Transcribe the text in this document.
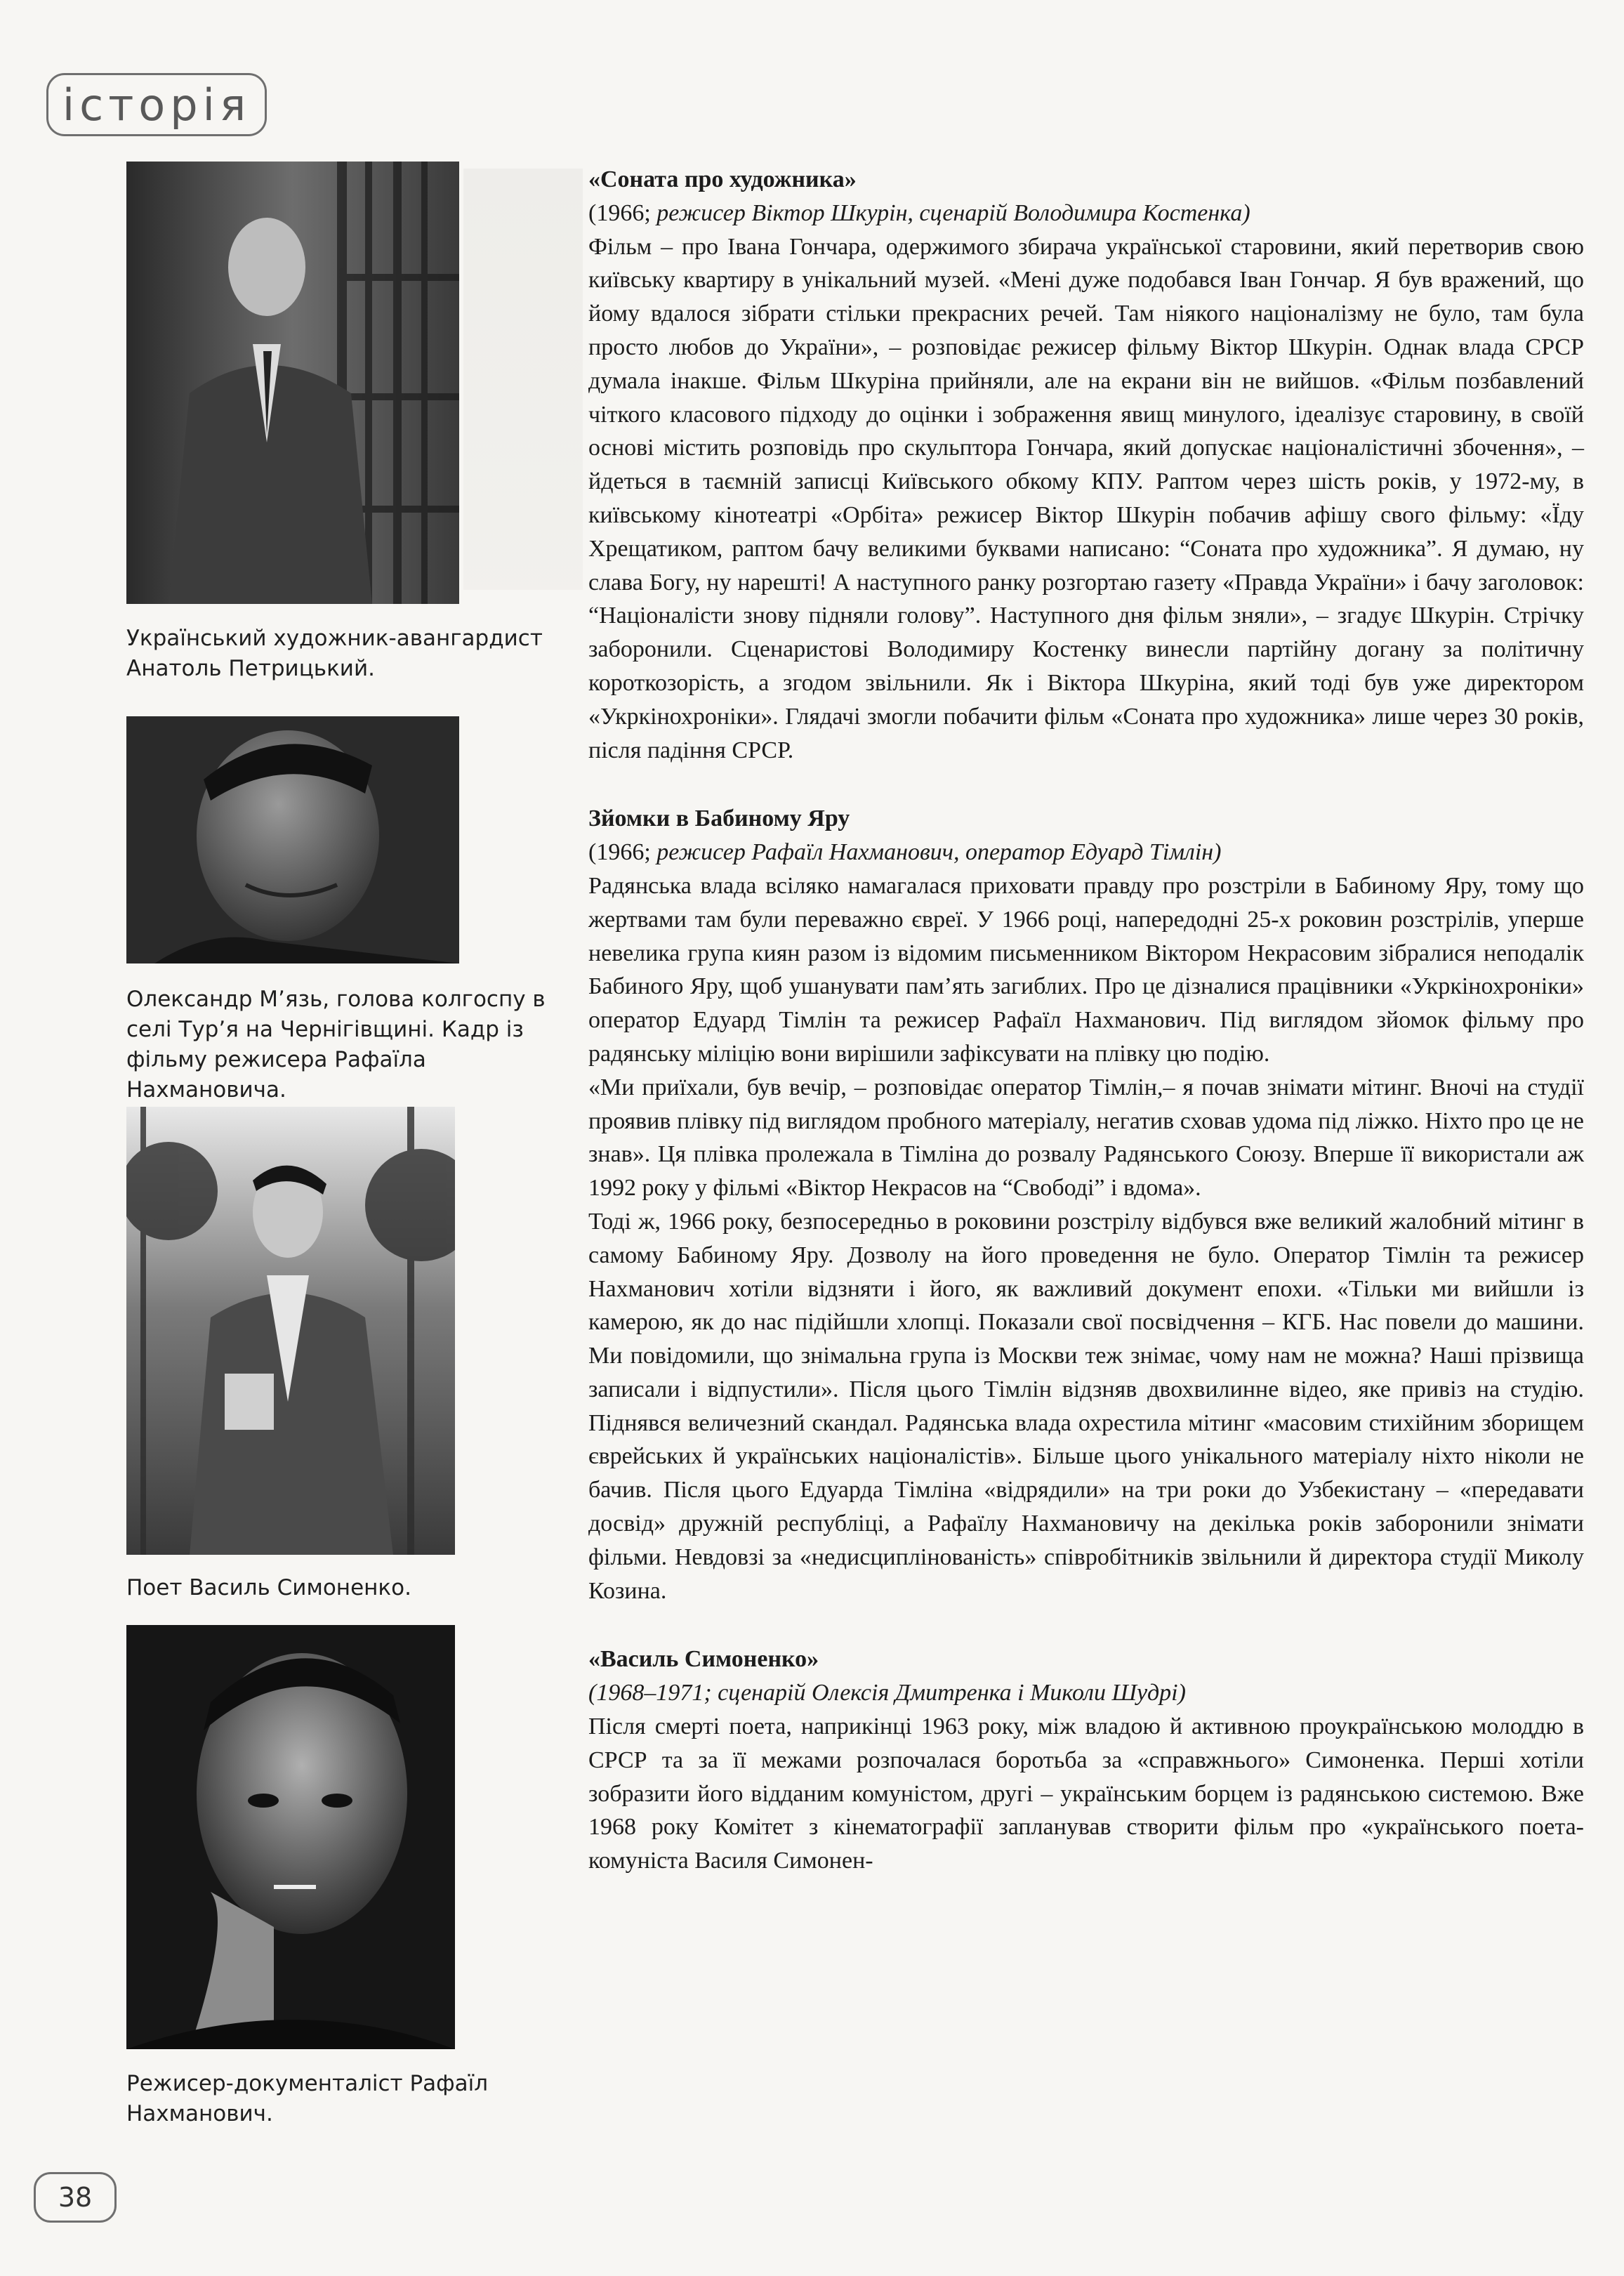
історія
Український художник-авангардист Анатоль Петрицький.
Олександр М’язь, голова колгоспу в селі Тур’я на Чернігівщині. Кадр із фільму режисера Рафаїла Нахмановича.
Поет Василь Симоненко.
Режисер-документаліст Рафаїл Нахманович.
«Соната про художника»
(1966; режисер Віктор Шкурін, сценарій Володимира Костенка)

Фільм – про Івана Гончара, одержимого збирача української старовини, який перетворив свою київську квартиру в унікальний музей. «Мені дуже подобався Іван Гончар. Я був вражений, що йому вдалося зібрати стільки прекрасних речей. Там ніякого націоналізму не було, там була просто любов до України», – розповідає режисер фільму Віктор Шкурін. Однак влада СРСР думала інакше. Фільм Шкуріна прийняли, але на екрани він не вийшов. «Фільм позбавлений чіткого класового підходу до оцінки і зображення явищ минулого, ідеалізує старовину, в своїй основі містить розповідь про скульптора Гончара, який допускає націоналістичні збочення», – йдеться в таємній записці Київського обкому КПУ. Раптом через шість років, у 1972-му, в київському кінотеатрі «Орбіта» режисер Віктор Шкурін побачив афішу свого фільму: «Їду Хрещатиком, раптом бачу великими буквами написано: “Соната про художника”. Я думаю, ну слава Богу, ну нарешті! А наступного ранку розгортаю газету «Правда України» і бачу заголовок: “Націоналісти знову підняли голову”. Наступного дня фільм зняли», – згадує Шкурін. Стрічку заборонили. Сценаристові Володимиру Костенку винесли партійну догану за політичну короткозорість, а згодом звільнили. Як і Віктора Шкуріна, який тоді був уже директором «Укркінохроніки». Глядачі змогли побачити фільм «Соната про художника» лише через 30 років, після падіння СРСР.

Зйомки в Бабиному Яру
(1966; режисер Рафаїл Нахманович, оператор Едуард Тімлін)

Радянська влада всіляко намагалася приховати правду про розстріли в Бабиному Яру, тому що жертвами там були переважно євреї. У 1966 році, напередодні 25-х роковин розстрілів, уперше невелика група киян разом із відомим письменником Віктором Некрасовим зібралися неподалік Бабиного Яру, щоб ушанувати пам’ять загиблих. Про це дізналися працівники «Укркінохроніки» оператор Едуард Тімлін та режисер Рафаїл Нахманович. Під виглядом зйомок фільму про радянську міліцію вони вирішили зафіксувати на плівку цю подію.

«Ми приїхали, був вечір, – розповідає оператор Тімлін,– я почав знімати мітинг. Вночі на студії проявив плівку під виглядом пробного матеріалу, негатив сховав удома під ліжко. Ніхто про це не знав». Ця плівка пролежала в Тімліна до розвалу Радянського Союзу. Вперше її використали аж 1992 року у фільмі «Віктор Некрасов на “Свободі” і вдома».

Тоді ж, 1966 року, безпосередньо в роковини розстрілу відбувся вже великий жалобний мітинг в самому Бабиному Яру. Дозволу на його проведення не було. Оператор Тімлін та режисер Нахманович хотіли відзняти і його, як важливий документ епохи. «Тільки ми вийшли із камерою, як до нас підійшли хлопці. Показали свої посвідчення – КГБ. Нас повели до машини. Ми повідомили, що знімальна група із Москви теж знімає, чому нам не можна? Наші прізвища записали і відпустили». Після цього Тімлін відзняв двохвилинне відео, яке привіз на студію. Піднявся величезний скандал. Радянська влада охрестила мітинг «масовим стихійним зборищем єврейських й українських націоналістів». Більше цього унікального матеріалу ніхто ніколи не бачив. Після цього Едуарда Тімліна «відрядили» на три роки до Узбекистану – «передавати досвід» дружній республіці, а Рафаїлу Нахмановичу на декілька років заборонили знімати фільми. Невдовзі за «недисциплінованість» співробітників звільнили й директора студії Миколу Козина.

«Василь Симоненко»
(1968–1971; сценарій Олексія Дмитренка і Миколи Шудрі)

Після смерті поета, наприкінці 1963 року, між владою й активною проукраїнською молоддю в СРСР та за її межами розпочалася боротьба за «справжнього» Симоненка. Перші хотіли зобразити його відданим комуністом, другі – українським борцем із радянською системою. Вже 1968 року Комітет з кінематографії запланував створити фільм про «українського поета-комуніста Василя Симонен-

38
